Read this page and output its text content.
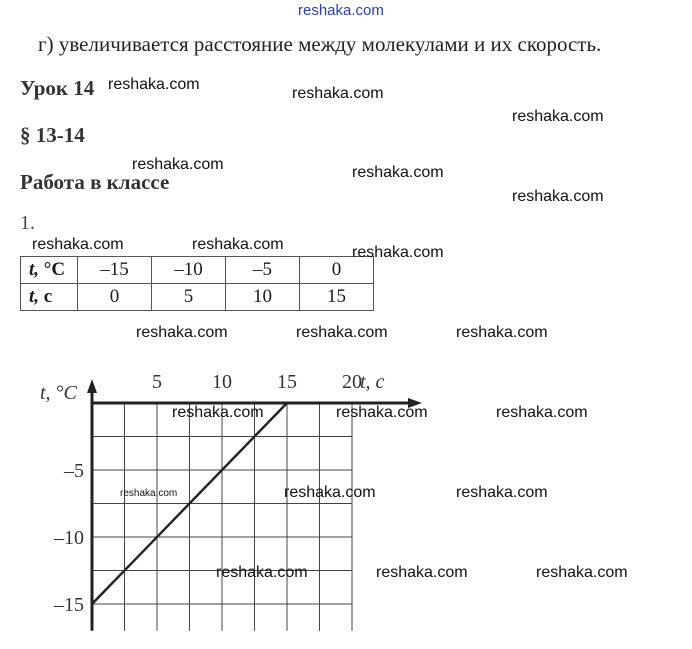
reshaka.com
г) увеличивается расстояние между молекулами и их скорость.
Урок 14
§ 13-14
Работа в классе
1.
t, °С	–15	–10	–5	0
t, с	0	5	10	15
5	10 15 20
–5
–10
–15
t, c
t, °C
reshaka.com
reshaka.com
reshaka.com
reshaka.com	reshaka.com
reshaka.com
reshaka.com	reshaka.com	reshaka.com
reshaka.com	reshaka.com	reshaka.com
reshaka.com	reshaka.com	reshaka.com
reshaka.com	reshaka.com	reshaka.com
reshaka.com	reshaka.com	reshaka.com
